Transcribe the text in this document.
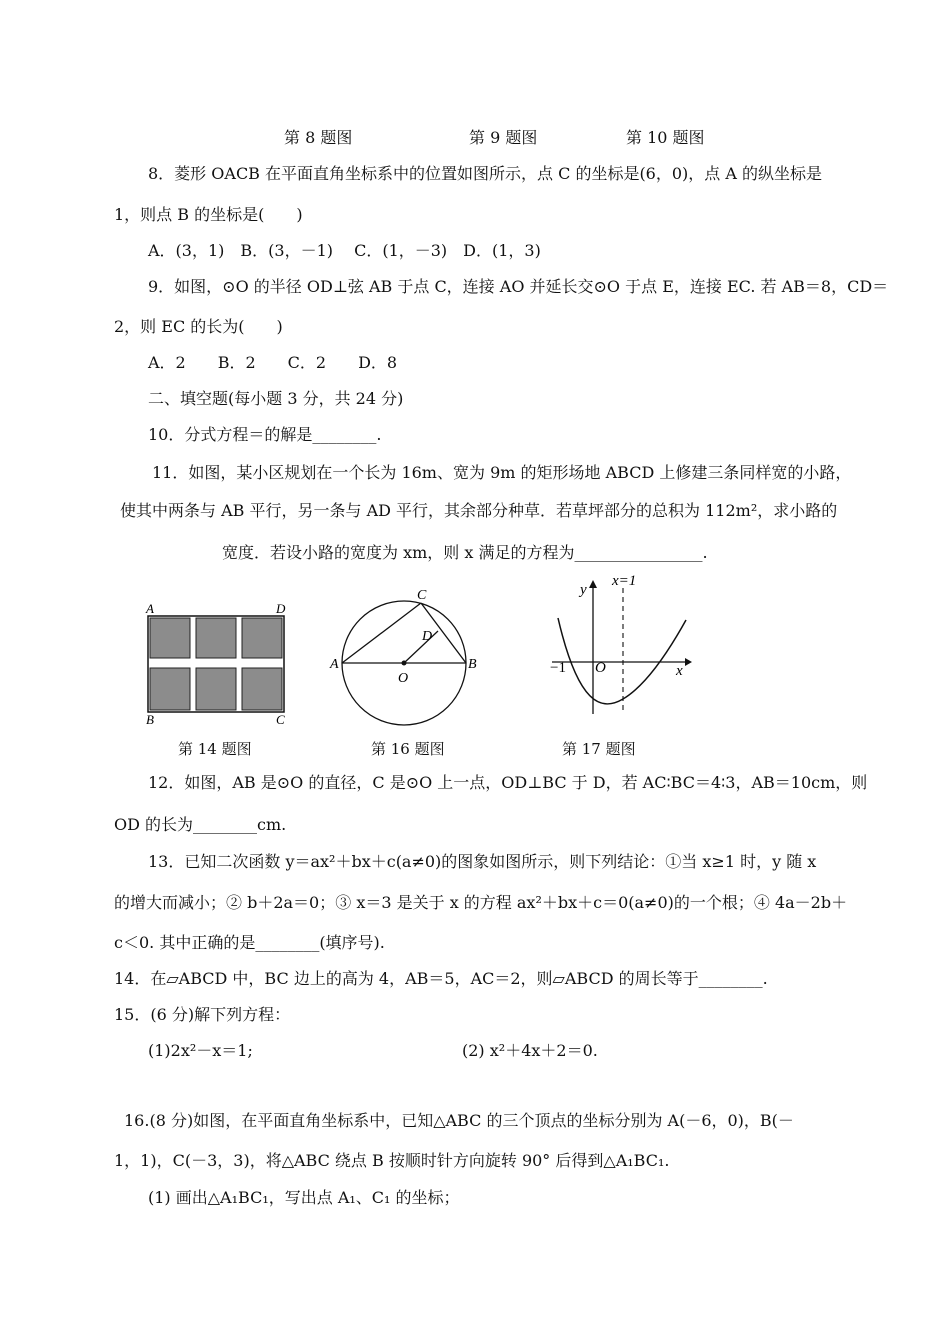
第 8 题图	第 9 题图	第 10 题图
8．菱形 OACB 在平面直角坐标系中的位置如图所示，点 C 的坐标是(6，0)，点 A 的纵坐标是
1，则点 B 的坐标是(　　)
A．(3，1)　B．(3，－1)　 C．(1，－3)　D．(1，3)
9．如图，⊙O 的半径 OD⊥弦 AB 于点 C，连接 AO 并延长交⊙O 于点 E，连接 EC. 若 AB＝8，CD＝
2，则 EC 的长为(　　)
A．2　　B．2　　C．2　　D．8
二、填空题(每小题 3 分，共 24 分)
10．分式方程＝的解是________.
11．如图，某小区规划在一个长为 16m、宽为 9m 的矩形场地 ABCD 上修建三条同样宽的小路，
使其中两条与 AB 平行，另一条与 AD 平行，其余部分种草．若草坪部分的总积为 112m²，求小路的
宽度．若设小路的宽度为 xm，则 x 满足的方程为________________.
A	D
B	C
第 14 题图
A	B
C
D
O
第 16 题图
y
x=1
−1 O	x
第 17 题图
12．如图，AB 是⊙O 的直径，C 是⊙O 上一点，OD⊥BC 于 D，若 AC∶BC＝4∶3，AB＝10cm，则
OD 的长为________cm.
13．已知二次函数 y＝ax²＋bx＋c(a≠0)的图象如图所示，则下列结论：①当 x≥1 时，y 随 x
的增大而减小；② b＋2a＝0；③ x＝3 是关于 x 的方程 ax²＋bx＋c＝0(a≠0)的一个根；④ 4a－2b＋
c＜0. 其中正确的是________(填序号).
14．在▱ABCD 中，BC 边上的高为 4，AB＝5，AC＝2，则▱ABCD 的周长等于________.
15．(6 分)解下列方程：
(1)2x²－x＝1;	(2) x²＋4x＋2＝0.
16.(8 分)如图，在平面直角坐标系中，已知△ABC 的三个顶点的坐标分别为 A(－6，0)，B(－
1，1)，C(－3，3)，将△ABC 绕点 B 按顺时针方向旋转 90° 后得到△A₁BC₁.
(1) 画出△A₁BC₁，写出点 A₁、C₁ 的坐标；
